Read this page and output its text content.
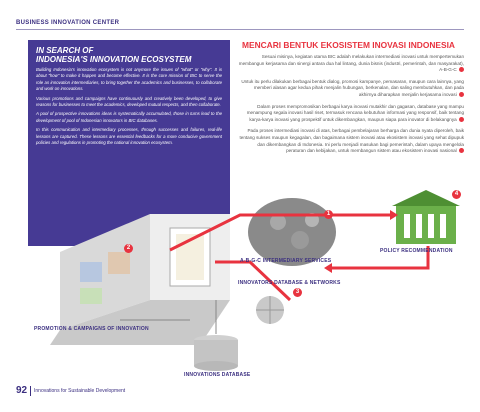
BUSINESS INNOVATION CENTER
IN SEARCH OF
INDONESIA'S INNOVATION ECOSYSTEM

Building Indonesia's innovation ecosystem is not anymore the issues of "what" or "why". It is about "how" to make it happen and become effective. It is the core mission of BIC to serve the role as innovation intermediaries, to bring together the academics and businesses, to collaborate and work on innovations.

Various promotions and campaigns have continuously and creatively been developed, to give reasons for businesses to meet the academics, developed mutual respects, and then collaborate.

A pool of prospective innovations ideas is systematically accumulated, those in turns lead to the development of pool of Indonesian innovators in BIC databases.

In this communication and intermediary processes, through successes and failures, real-life lessons are captured. These lessons are essential feedbacks for a more conducive government policies and regulations in promoting the national innovation ecosystem.

MENCARI BENTUK EKOSISTEM INOVASI INDONESIA

Sesuai misinya, kegiatan utama BIC adalah melakukan intermediasi inovasi untuk mempertemukan membangun kerjasama dan sinergi antara dua hal lintang, dunia bisnis (industri, pemerintah, dan masyarakat), A-B-G-C

Untuk itu perlu dilakukan berbagai bentuk dialog, promosi kampanye, pemasaran, maupun cara lainnya, yang memberi alasan agar kedua pihak menjalin hubungan, berkenalan, dan saling membutuhkan, dan pada akhirnya diharapkan menjalin kerjasama inovasi

Dalam proses mempromosikan berbagai karya inovasi mutakhir dan gagasan, database yang mampu menampung segala inovasi hasil riset, termasuk rencana kebutuhan informasi yang responsif, baik tentang karya-karya inovasi yang prospektif untuk dikembangkan, maupun siapa para inovator di belakangnya

Pada proses intermediasi inovasi di atas, berbagai pembelajaran berharga dan dunia nyata diperoleh, baik tentang sukses maupun kegagalan, dan bagaimana sistem inovasi atau ekosistem inovasi yang sehat dipupuk dan dikembangkan di Indonesia. Ini perlu menjadi masukan bagi pemerintah, dalam upaya mengelola peraturan dan kebijakan, untuk membangun sistem atau ekosistem inovasi nasional

1
2
3
4
POLICY RECOMMENDATION
A-B-G-C INTERMEDIARY SERVICES
INNOVATORS DATABASE & NETWORKS
PROMOTION & CAMPAIGNS OF INNOVATION
INNOVATIONS DATABASE
92 Innovations for Sustainable Development
